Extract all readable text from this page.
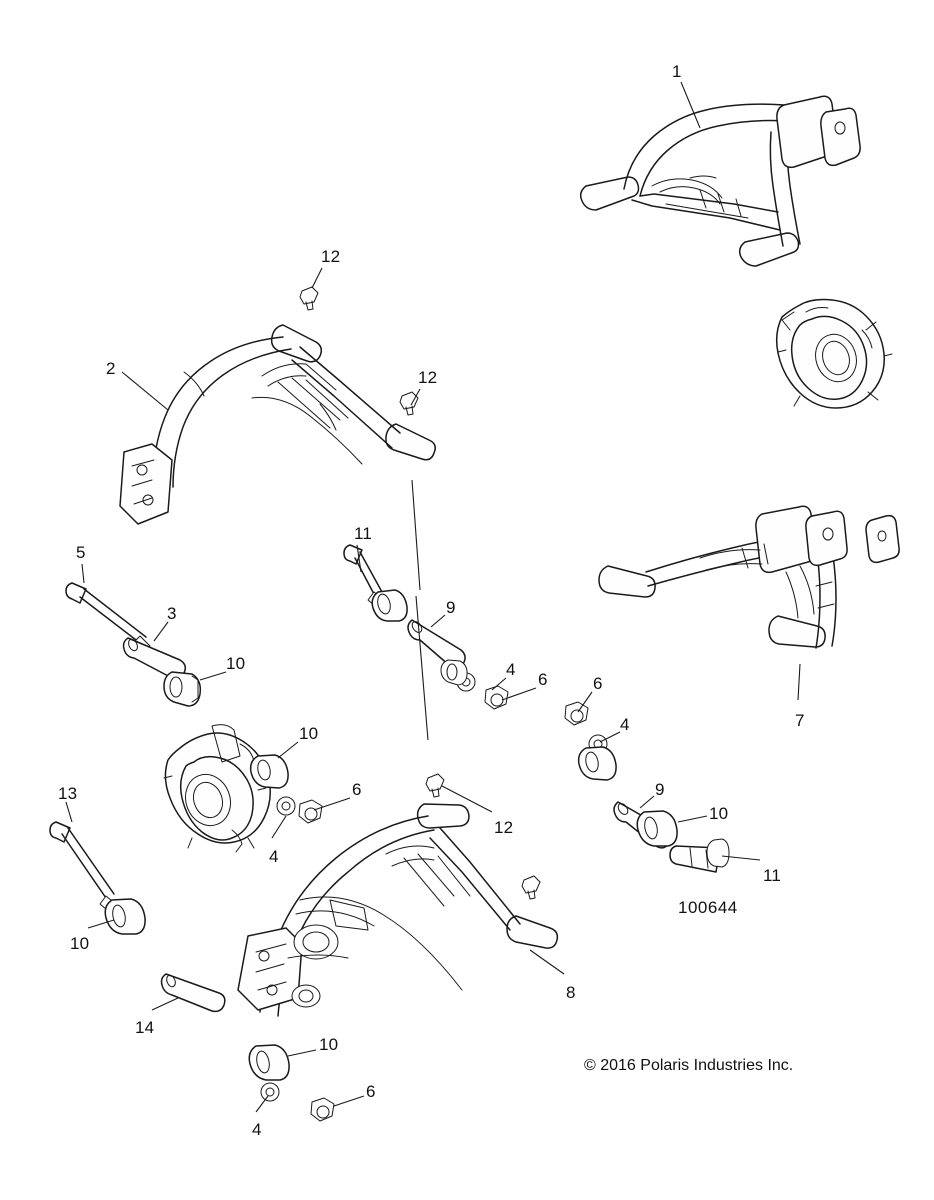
1
12
2	12
11
5
9
3
10	4
6	6
4	7
10
9
6
13
10
12
4
11
10
8
14
10
6
4
100644
© 2016 Polaris Industries Inc.
